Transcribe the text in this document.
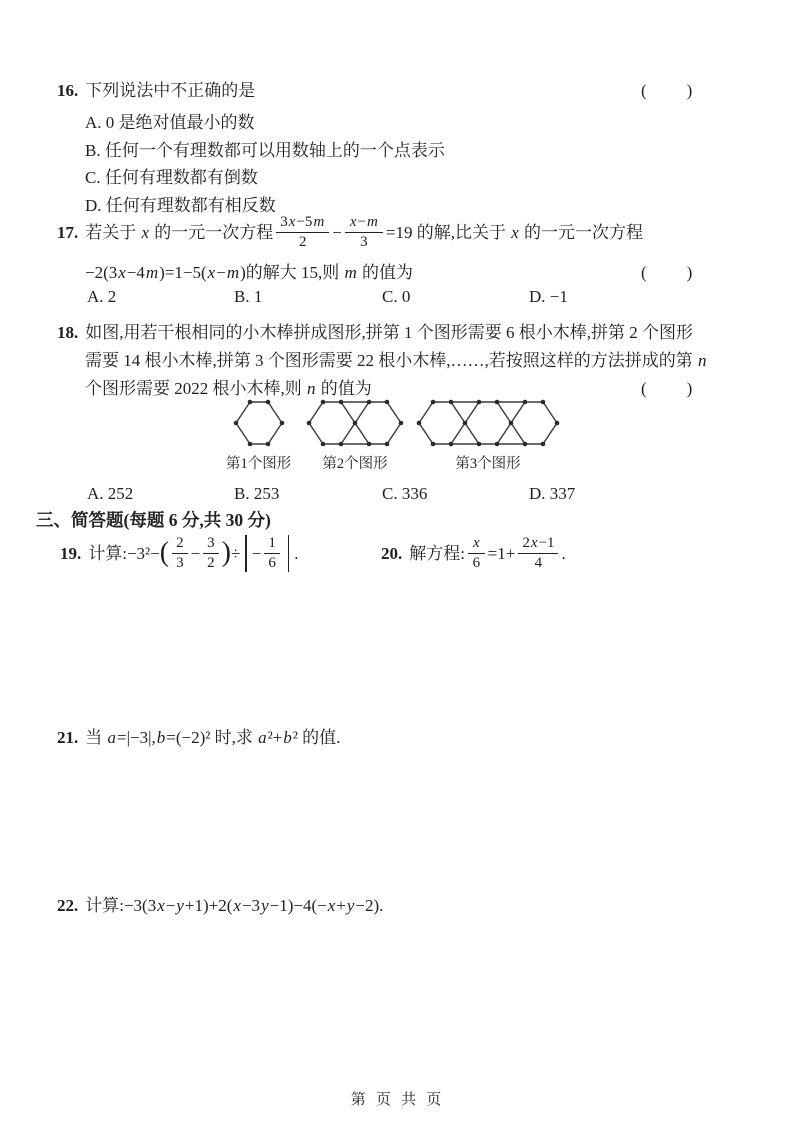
16. 下列说法中不正确的是	(　　)
A. 0 是绝对值最小的数
B. 任何一个有理数都可以用数轴上的一个点表示
C. 任何有理数都有倒数
D. 任何有理数都有相反数
17. 若关于 x 的一元一次方程 $\frac{3x-5m}{2} - \frac{x-m}{3} =19$ 的解,比关于 x 的一元一次方程
−2(3x−4m)=1−5(x−m)的解大 15,则 m 的值为	(　　)
A. 2	B. 1	C. 0	D. −1
18. 如图,用若干根相同的小木棒拼成图形,拼第 1 个图形需要 6 根小木棒,拼第 2 个图形
需要 14 根小木棒,拼第 3 个图形需要 22 根小木棒,……,若按照这样的方法拼成的第 n
个图形需要 2022 根小木棒,则 n 的值为	(　　)
第1个图形 第2个图形	第3个图形
A. 252	B. 253	C. 336	D. 337
三、简答题(每题 6 分,共 30 分)
19. 计算:−3²−( $\frac{2}{3} - \frac{3}{2}$ )÷ − $\frac{1}{6}$ .	20. 解方程: $\frac{x}{6} =1+ \frac{2x-1}{4}$ .
21. 当 a=|−3|,b=(−2)² 时,求 a²+b² 的值.
22. 计算:−3(3x−y+1)+2(x−3y−1)−4(−x+y−2).
第 页 共 页
